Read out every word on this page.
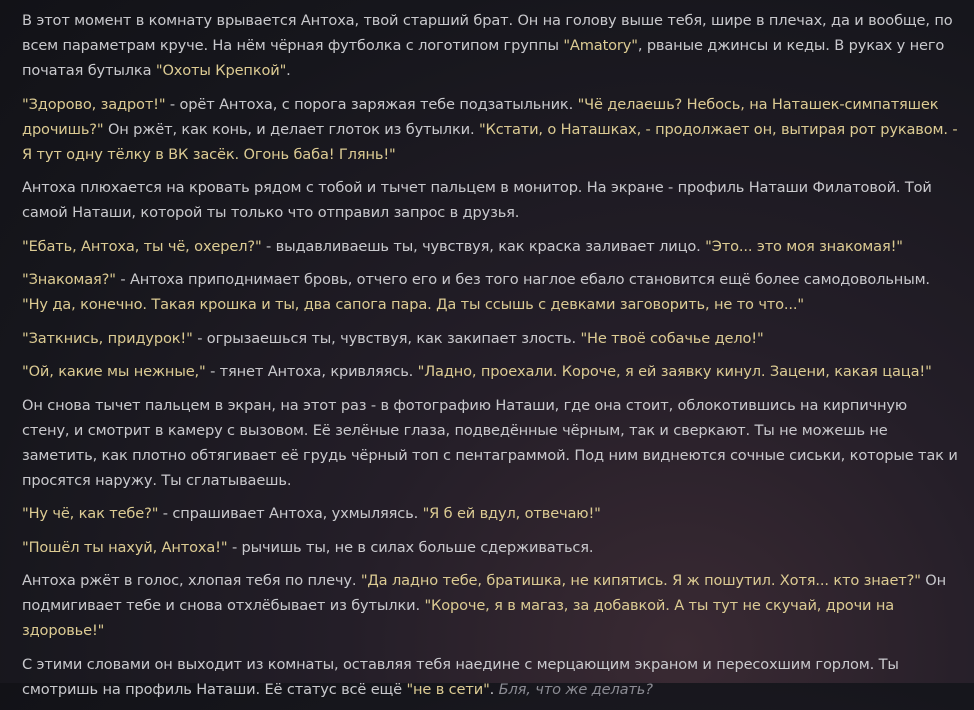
В этот момент в комнату врывается Антоха, твой старший брат. Он на голову выше тебя, шире в плечах, да и вообще, по всем параметрам круче. На нём чёрная футболка с логотипом группы "Amatory", рваные джинсы и кеды. В руках у него початая бутылка "Охоты Крепкой".

"Здорово, задрот!" - орёт Антоха, с порога заряжая тебе подзатыльник. "Чё делаешь? Небось, на Наташек-симпатяшек дрочишь?" Он ржёт, как конь, и делает глоток из бутылки. "Кстати, о Наташках, - продолжает он, вытирая рот рукавом. - Я тут одну тёлку в ВК засёк. Огонь баба! Глянь!"

Антоха плюхается на кровать рядом с тобой и тычет пальцем в монитор. На экране - профиль Наташи Филатовой. Той самой Наташи, которой ты только что отправил запрос в друзья.

"Ебать, Антоха, ты чё, охерел?" - выдавливаешь ты, чувствуя, как краска заливает лицо. "Это... это моя знакомая!"

"Знакомая?" - Антоха приподнимает бровь, отчего его и без того наглое ебало становится ещё более самодовольным. "Ну да, конечно. Такая крошка и ты, два сапога пара. Да ты ссышь с девками заговорить, не то что..."

"Заткнись, придурок!" - огрызаешься ты, чувствуя, как закипает злость. "Не твоё собачье дело!"

"Ой, какие мы нежные," - тянет Антоха, кривляясь. "Ладно, проехали. Короче, я ей заявку кинул. Зацени, какая цаца!"

Он снова тычет пальцем в экран, на этот раз - в фотографию Наташи, где она стоит, облокотившись на кирпичную стену, и смотрит в камеру с вызовом. Её зелёные глаза, подведённые чёрным, так и сверкают. Ты не можешь не заметить, как плотно обтягивает её грудь чёрный топ с пентаграммой. Под ним виднеются сочные сиськи, которые так и просятся наружу. Ты сглатываешь.

"Ну чё, как тебе?" - спрашивает Антоха, ухмыляясь. "Я б ей вдул, отвечаю!"

"Пошёл ты нахуй, Антоха!" - рычишь ты, не в силах больше сдерживаться.

Антоха ржёт в голос, хлопая тебя по плечу. "Да ладно тебе, братишка, не кипятись. Я ж пошутил. Хотя... кто знает?" Он подмигивает тебе и снова отхлёбывает из бутылки. "Короче, я в магаз, за добавкой. А ты тут не скучай, дрочи на здоровье!"

С этими словами он выходит из комнаты, оставляя тебя наедине с мерцающим экраном и пересохшим горлом. Ты смотришь на профиль Наташи. Её статус всё ещё "не в сети". Бля, что же делать?
